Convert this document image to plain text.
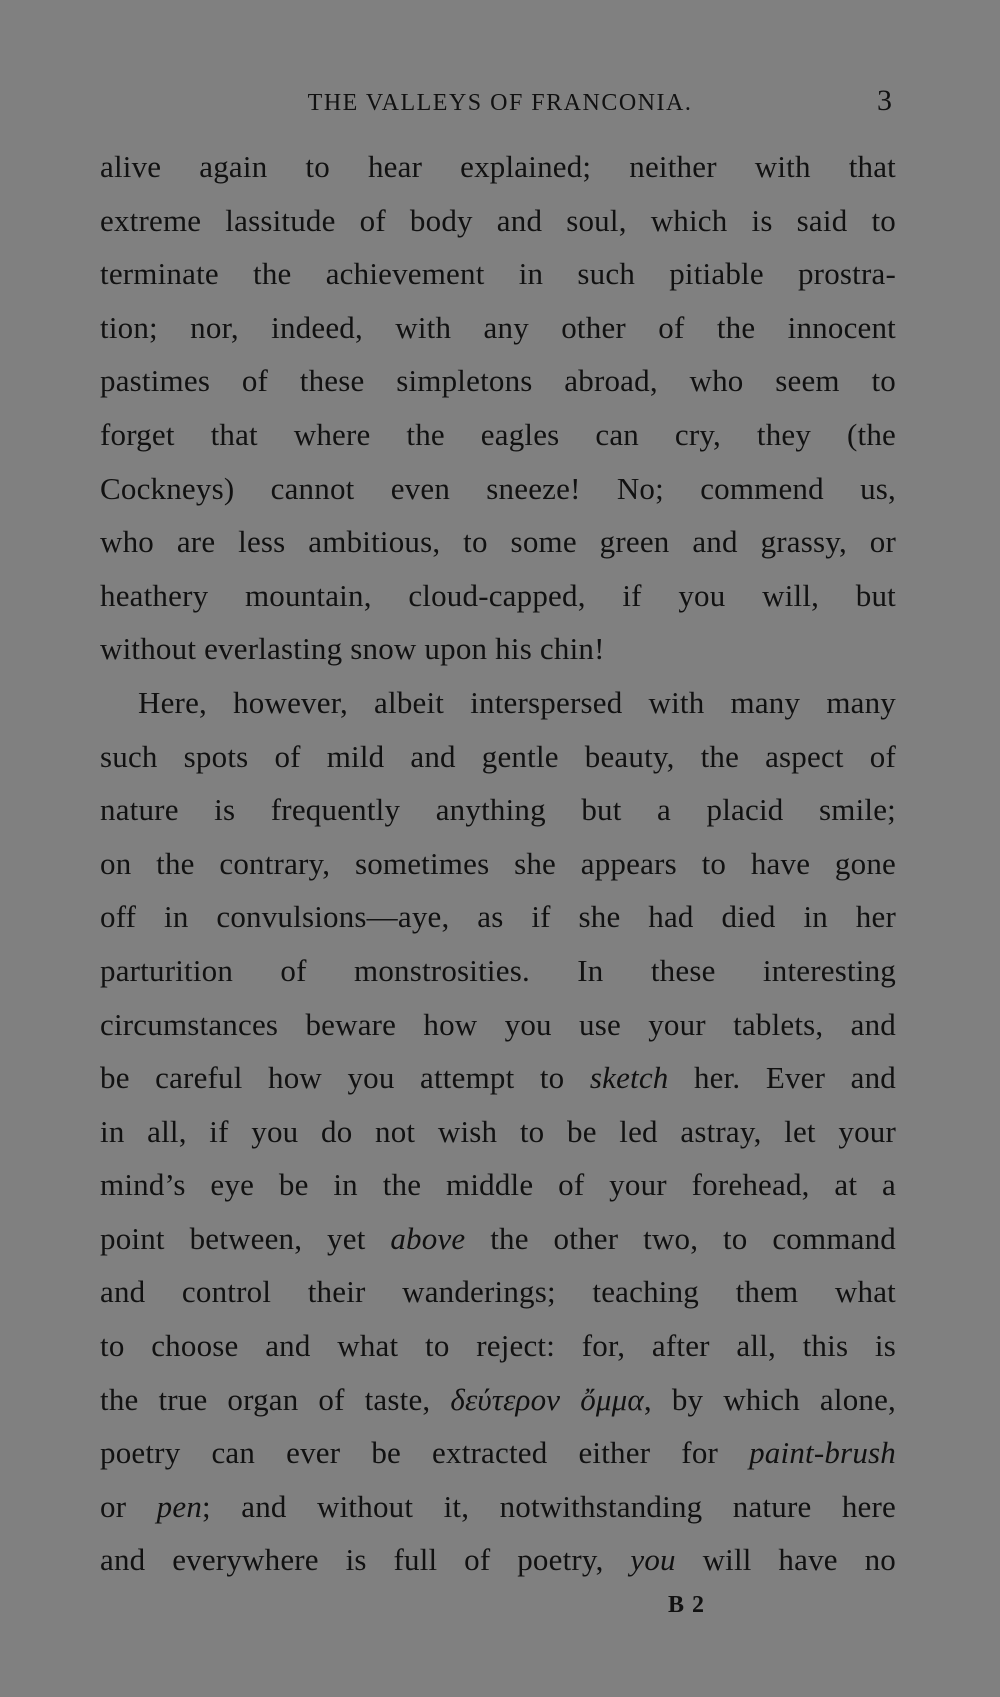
THE VALLEYS OF FRANCONIA.	3
alive again to hear explained; neither with that
extreme lassitude of body and soul, which is said to
terminate the achievement in such pitiable prostra-
tion; nor, indeed, with any other of the innocent
pastimes of these simpletons abroad, who seem to
forget that where the eagles can cry, they (the
Cockneys) cannot even sneeze! No; commend us,
who are less ambitious, to some green and grassy, or
heathery mountain, cloud-capped, if you will, but
without everlasting snow upon his chin!
Here, however, albeit interspersed with many many
such spots of mild and gentle beauty, the aspect of
nature is frequently anything but a placid smile;
on the contrary, sometimes she appears to have gone
off in convulsions—aye, as if she had died in her
parturition of monstrosities. In these interesting
circumstances beware how you use your tablets, and
be careful how you attempt to sketch her. Ever and
in all, if you do not wish to be led astray, let your
mind’s eye be in the middle of your forehead, at a
point between, yet above the other two, to command
and control their wanderings; teaching them what
to choose and what to reject: for, after all, this is
the true organ of taste, δεύτερον ὄμμα, by which alone,
poetry can ever be extracted either for paint-brush
or pen; and without it, notwithstanding nature here
and everywhere is full of poetry, you will have no
B 2
